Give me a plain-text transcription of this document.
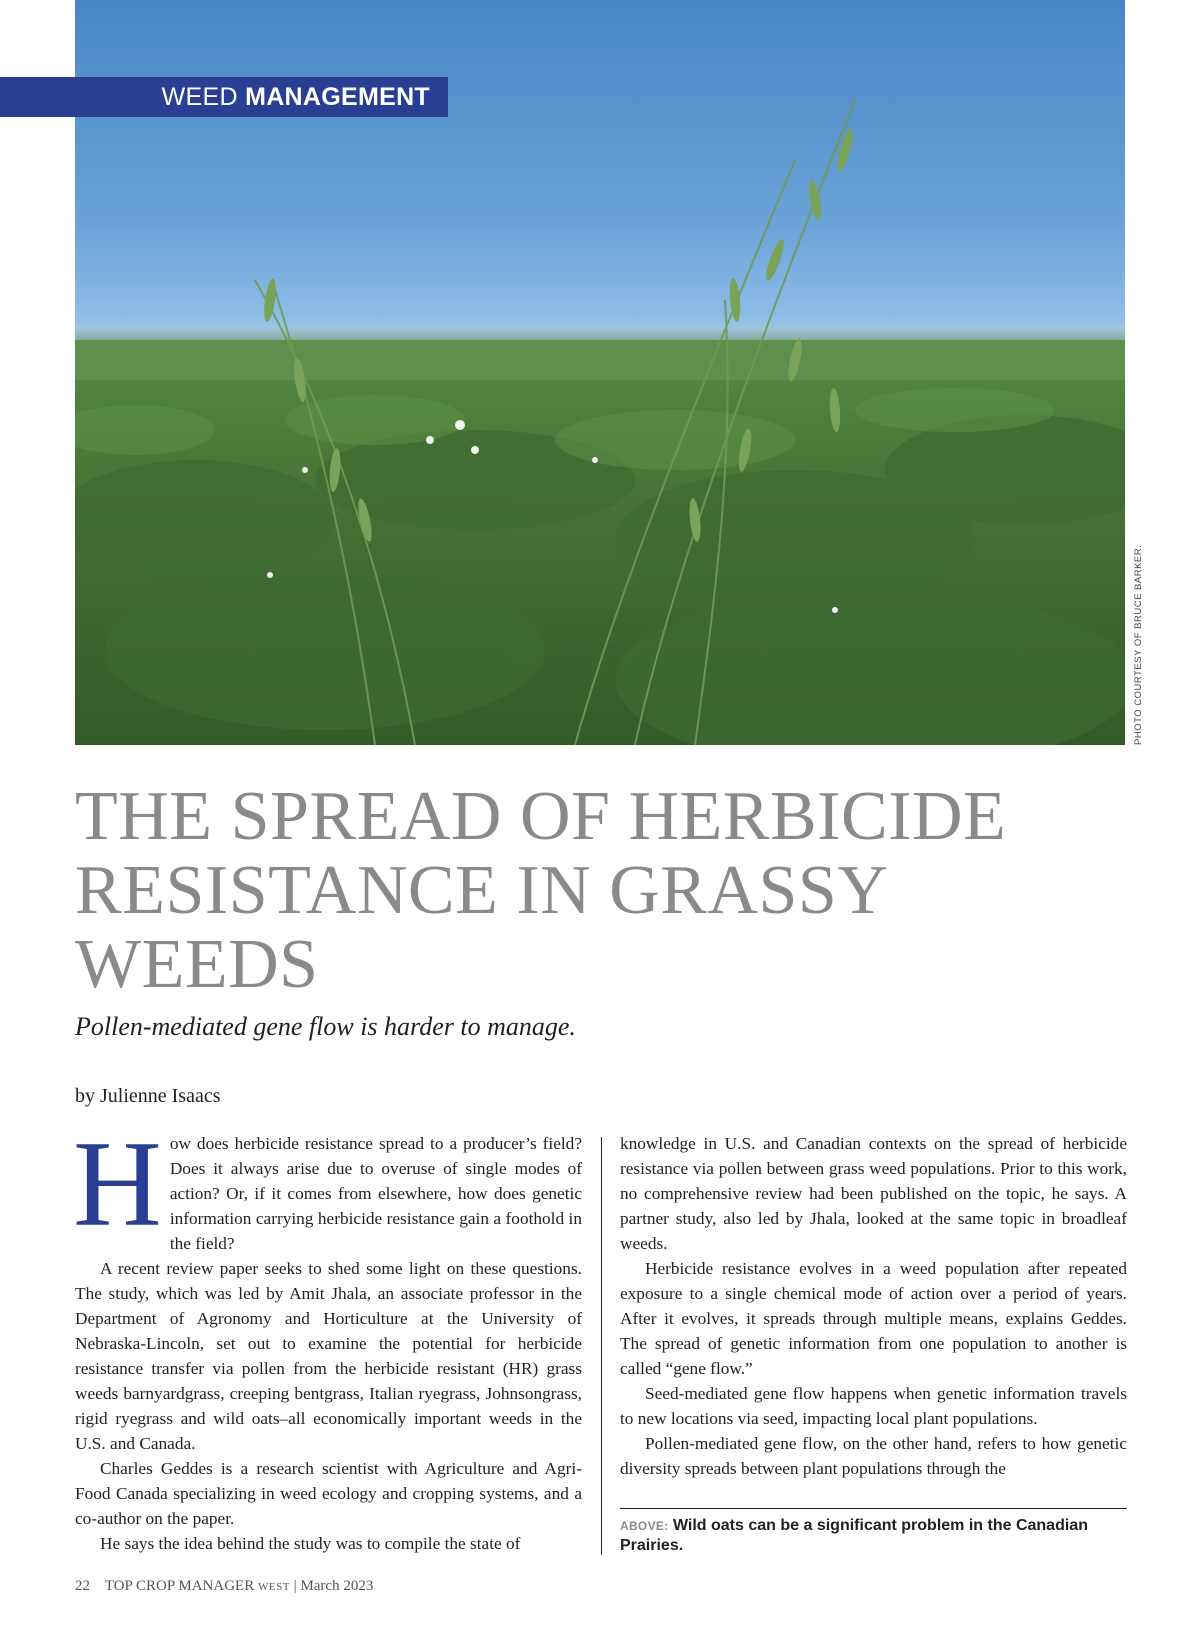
WEED MANAGEMENT
PHOTO COURTESY OF BRUCE BARKER.
THE SPREAD OF HERBICIDE RESISTANCE IN GRASSY WEEDS

Pollen-mediated gene flow is harder to manage.

by Julienne Isaacs

How does herbicide resistance spread to a producer’s field? Does it always arise due to overuse of single modes of action? Or, if it comes from elsewhere, how does genetic information carrying herbicide resistance gain a foothold in the field?

A recent review paper seeks to shed some light on these questions. The study, which was led by Amit Jhala, an associate professor in the Department of Agronomy and Horticulture at the University of Nebraska-Lincoln, set out to examine the potential for herbicide resistance transfer via pollen from the herbicide resistant (HR) grass weeds barnyardgrass, creeping bentgrass, Italian ryegrass, Johnsongrass, rigid ryegrass and wild oats–all economically important weeds in the U.S. and Canada.

Charles Geddes is a research scientist with Agriculture and Agri-Food Canada specializing in weed ecology and cropping systems, and a co-author on the paper.

He says the idea behind the study was to compile the state of

knowledge in U.S. and Canadian contexts on the spread of herbicide resistance via pollen between grass weed populations. Prior to this work, no comprehensive review had been published on the topic, he says. A partner study, also led by Jhala, looked at the same topic in broadleaf weeds.

Herbicide resistance evolves in a weed population after repeated exposure to a single chemical mode of action over a period of years. After it evolves, it spreads through multiple means, explains Geddes. The spread of genetic information from one population to another is called “gene flow.”

Seed-mediated gene flow happens when genetic information travels to new locations via seed, impacting local plant populations.

Pollen-mediated gene flow, on the other hand, refers to how genetic diversity spreads between plant populations through the

ABOVE: Wild oats can be a significant problem in the Canadian Prairies.

22 TOP CROP MANAGER WEST | March 2023
